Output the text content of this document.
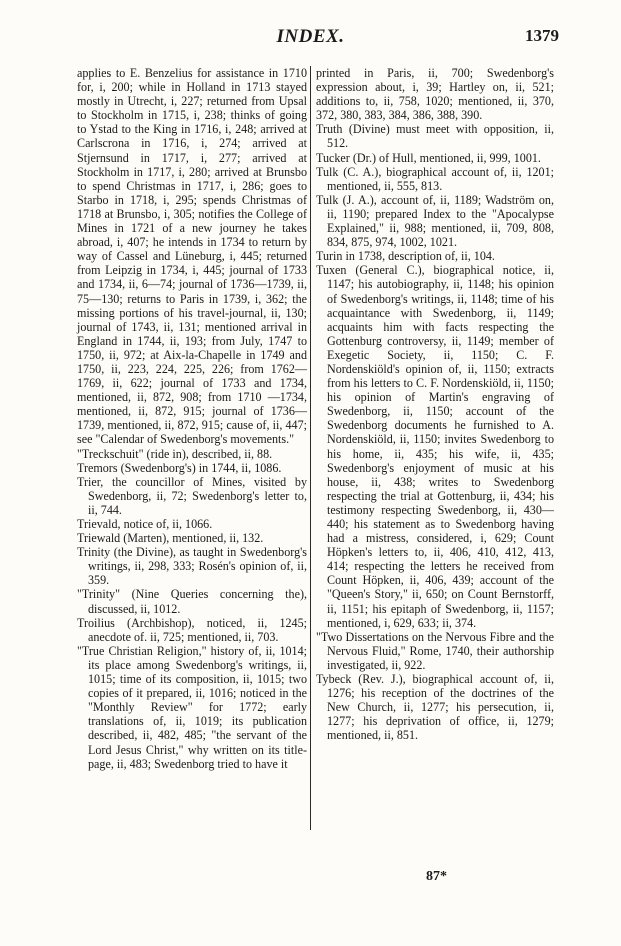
INDEX.	1379

applies to E. Benzelius for assistance in 1710 for, i, 200; while in Holland in 1713 stayed mostly in Utrecht, i, 227; returned from Upsal to Stockholm in 1715, i, 238; thinks of going to Ystad to the King in 1716, i, 248; arrived at Carlscrona in 1716, i, 274; arrived at Stjernsund in 1717, i, 277; arrived at Stockholm in 1717, i, 280; arrived at Brunsbo to spend Christmas in 1717, i, 286; goes to Starbo in 1718, i, 295; spends Christmas of 1718 at Brunsbo, i, 305; notifies the College of Mines in 1721 of a new journey he takes abroad, i, 407; he intends in 1734 to return by way of Cassel and Lüneburg, i, 445; returned from Leipzig in 1734, i, 445; journal of 1733 and 1734, ii, 6—74; journal of 1736—1739, ii, 75—130; returns to Paris in 1739, i, 362; the missing portions of his travel-journal, ii, 130; journal of 1743, ii, 131; mentioned arrival in England in 1744, ii, 193; from July, 1747 to 1750, ii, 972; at Aix-la-Chapelle in 1749 and 1750, ii, 223, 224, 225, 226; from 1762—1769, ii, 622; journal of 1733 and 1734, mentioned, ii, 872, 908; from 1710 —1734, mentioned, ii, 872, 915; journal of 1736—1739, mentioned, ii, 872, 915; cause of, ii, 447; see "Calendar of Swedenborg's movements."

"Treckschuit" (ride in), described, ii, 88.

Tremors (Swedenborg's) in 1744, ii, 1086.

Trier, the councillor of Mines, visited by Swedenborg, ii, 72; Swedenborg's letter to, ii, 744.

Trievald, notice of, ii, 1066.

Triewald (Marten), mentioned, ii, 132.

Trinity (the Divine), as taught in Swedenborg's writings, ii, 298, 333; Rosén's opinion of, ii, 359.

"Trinity" (Nine Queries concerning the), discussed, ii, 1012.

Troilius (Archbishop), noticed, ii, 1245; anecdote of. ii, 725; mentioned, ii, 703.

"True Christian Religion," history of, ii, 1014; its place among Swedenborg's writings, ii, 1015; time of its composition, ii, 1015; two copies of it prepared, ii, 1016; noticed in the "Monthly Review" for 1772; early translations of, ii, 1019; its publication described, ii, 482, 485; "the servant of the Lord Jesus Christ," why written on its title-page, ii, 483; Swedenborg tried to have it

printed in Paris, ii, 700; Swedenborg's expression about, i, 39; Hartley on, ii, 521; additions to, ii, 758, 1020; mentioned, ii, 370, 372, 380, 383, 384, 386, 388, 390.

Truth (Divine) must meet with opposition, ii, 512.

Tucker (Dr.) of Hull, mentioned, ii, 999, 1001.

Tulk (C. A.), biographical account of, ii, 1201; mentioned, ii, 555, 813.

Tulk (J. A.), account of, ii, 1189; Wadström on, ii, 1190; prepared Index to the "Apocalypse Explained," ii, 988; mentioned, ii, 709, 808, 834, 875, 974, 1002, 1021.

Turin in 1738, description of, ii, 104.

Tuxen (General C.), biographical notice, ii, 1147; his autobiography, ii, 1148; his opinion of Swedenborg's writings, ii, 1148; time of his acquaintance with Swedenborg, ii, 1149; acquaints him with facts respecting the Gottenburg controversy, ii, 1149; member of Exegetic Society, ii, 1150; C. F. Nordenskiöld's opinion of, ii, 1150; extracts from his letters to C. F. Nordenskiöld, ii, 1150; his opinion of Martin's engraving of Swedenborg, ii, 1150; account of the Swedenborg documents he furnished to A. Nordenskiöld, ii, 1150; invites Swedenborg to his home, ii, 435; his wife, ii, 435; Swedenborg's enjoyment of music at his house, ii, 438; writes to Swedenborg respecting the trial at Gottenburg, ii, 434; his testimony respecting Swedenborg, ii, 430—440; his statement as to Swedenborg having had a mistress, considered, i, 629; Count Höpken's letters to, ii, 406, 410, 412, 413, 414; respecting the letters he received from Count Höpken, ii, 406, 439; account of the "Queen's Story," ii, 650; on Count Bernstorff, ii, 1151; his epitaph of Swedenborg, ii, 1157; mentioned, i, 629, 633; ii, 374.

"Two Dissertations on the Nervous Fibre and the Nervous Fluid," Rome, 1740, their authorship investigated, ii, 922.

Tybeck (Rev. J.), biographical account of, ii, 1276; his reception of the doctrines of the New Church, ii, 1277; his persecution, ii, 1277; his deprivation of office, ii, 1279; mentioned, ii, 851.

87*
